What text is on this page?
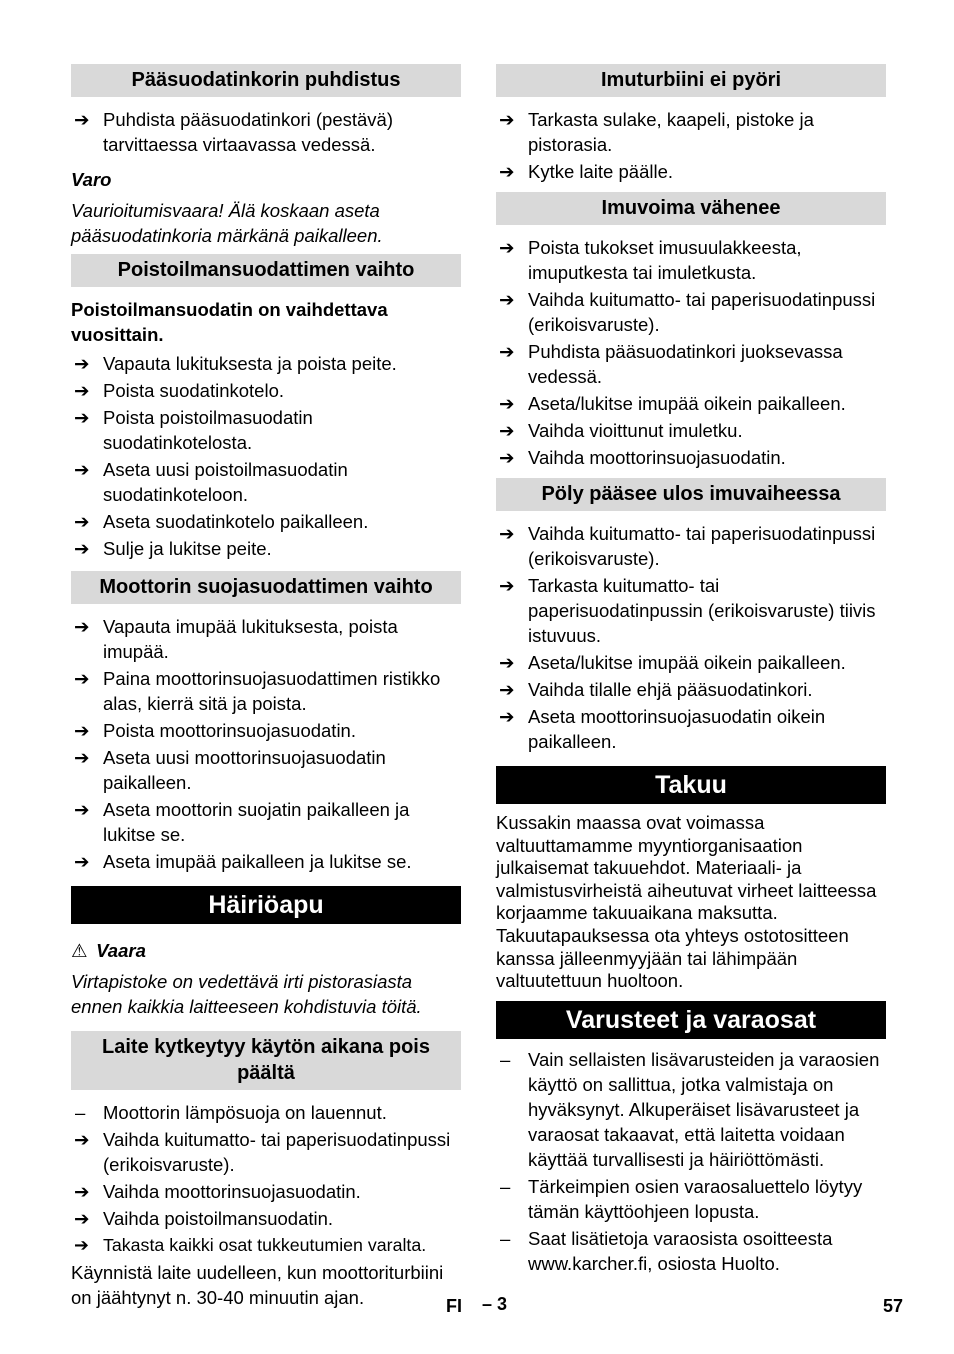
Pääsuodatinkorin puhdistus
➔ Puhdista pääsuodatinkori (pestävä) tarvittaessa virtaavassa vedessä.
Varo
Vaurioitumisvaara! Älä koskaan aseta pääsuodatinkoria märkänä paikalleen.
Poistoilmansuodattimen vaihto
Poistoilmansuodatin on vaihdettava vuosittain.
➔ Vapauta lukituksesta ja poista peite.
➔ Poista suodatinkotelo.
➔ Poista poistoilmasuodatin suodatinkotelosta.
➔ Aseta uusi poistoilmasuodatin suodatinkoteloon.
➔ Aseta suodatinkotelo paikalleen.
➔ Sulje ja lukitse peite.
Moottorin suojasuodattimen vaihto
➔ Vapauta imupää lukituksesta, poista imupää.
➔ Paina moottorinsuojasuodattimen ristikko alas, kierrä sitä ja poista.
➔ Poista moottorinsuojasuodatin.
➔ Aseta uusi moottorinsuojasuodatin paikalleen.
➔ Aseta moottorin suojatin paikalleen ja lukitse se.
➔ Aseta imupää paikalleen ja lukitse se.
Häiriöapu
⚠ Vaara
Virtapistoke on vedettävä irti pistorasiasta ennen kaikkia laitteeseen kohdistuvia töitä.
Laite kytkeytyy käytön aikana pois päältä
– Moottorin lämpösuoja on lauennut.
➔ Vaihda kuitumatto- tai paperisuodatinpussi (erikoisvaruste).
➔ Vaihda moottorinsuojasuodatin.
➔ Vaihda poistoilmansuodatin.
➔ Takasta kaikki osat tukkeutumien varalta.
Käynnistä laite uudelleen, kun moottoriturbiini on jäähtynyt n. 30-40 minuutin ajan.
Imuturbiini ei pyöri
➔ Tarkasta sulake, kaapeli, pistoke ja pistorasia.
➔ Kytke laite päälle.
Imuvoima vähenee
➔ Poista tukokset imusuulakkeesta, imuputkesta tai imuletkusta.
➔ Vaihda kuitumatto- tai paperisuodatinpussi (erikoisvaruste).
➔ Puhdista pääsuodatinkori juoksevassa vedessä.
➔ Aseta/lukitse imupää oikein paikalleen.
➔ Vaihda vioittunut imuletku.
➔ Vaihda moottorinsuojasuodatin.
Pöly pääsee ulos imuvaiheessa
➔ Vaihda kuitumatto- tai paperisuodatinpussi (erikoisvaruste).
➔ Tarkasta kuitumatto- tai paperisuodatinpussin (erikoisvaruste) tiivis istuvuus.
➔ Aseta/lukitse imupää oikein paikalleen.
➔ Vaihda tilalle ehjä pääsuodatinkori.
➔ Aseta moottorinsuojasuodatin oikein paikalleen.
Takuu
Kussakin maassa ovat voimassa valtuuttamamme myyntiorganisaation julkaisemat takuuehdot. Materiaali- ja valmistusvirheistä aiheutuvat virheet laitteessa korjaamme takuuaikana maksutta. Takuutapauksessa ota yhteys ostotositteen kanssa jälleenmyyjään tai lähimpään valtuutettuun huoltoon.
Varusteet ja varaosat
– Vain sellaisten lisävarusteiden ja varaosien käyttö on sallittua, jotka valmistaja on hyväksynyt. Alkuperäiset lisävarusteet ja varaosat takaavat, että laitetta voidaan käyttää turvallisesti ja häiriöttömästi.
– Tärkeimpien osien varaosaluettelo löytyy tämän käyttöohjeen lopusta.
– Saat lisätietoja varaosista osoitteesta www.karcher.fi, osiosta Huolto.
FI – 3	57
